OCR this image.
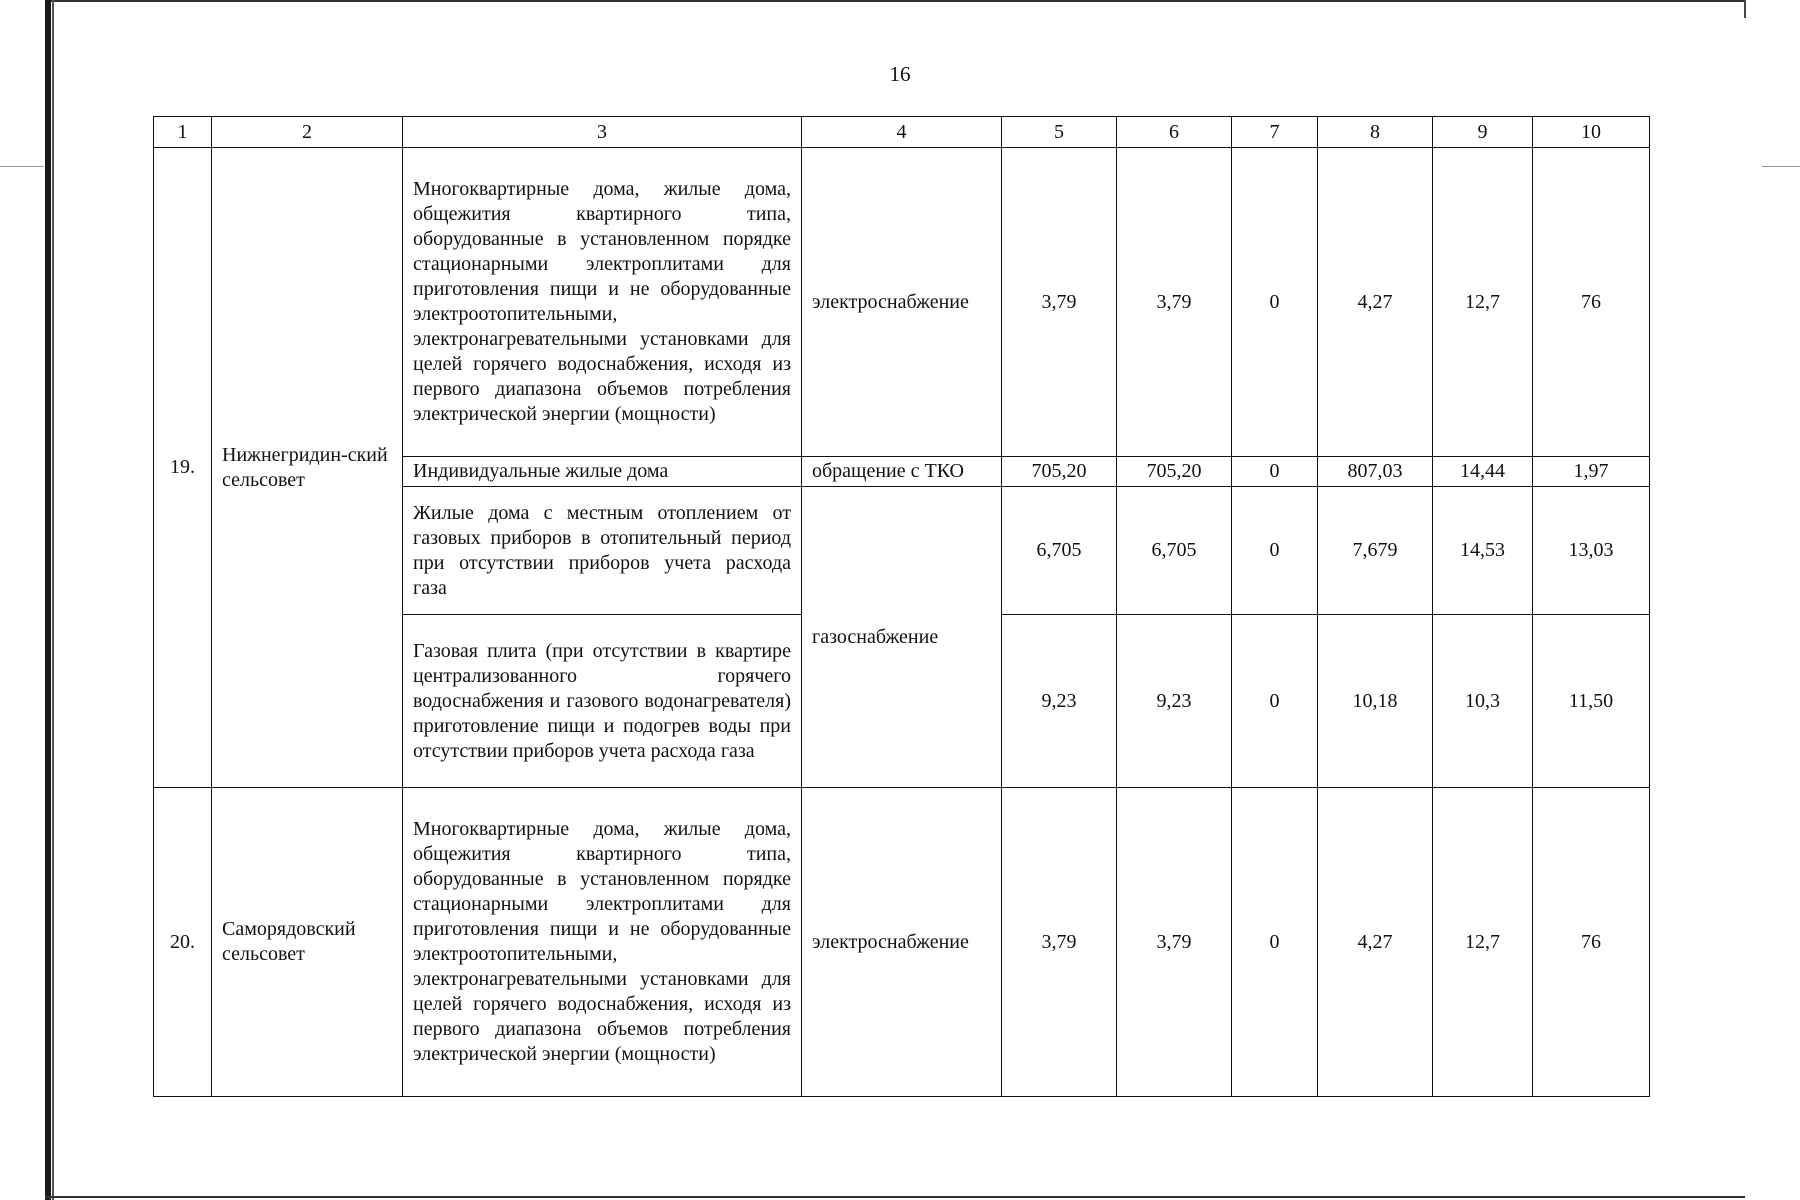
16
1	2	3	4	5	6	7	8	9	10
19.	Нижнегридин-ский сельсовет	Многоквартирные дома, жилые дома, общежития квартирного типа, оборудованные в установленном порядке стационарными электроплитами для приготовления пищи и не оборудованные электроотопительными, электронагревательными установками для целей горячего водоснабжения, исходя из первого диапазона объемов потребления электрической энергии (мощности)	электроснабжение	3,79	3,79	0	4,27	12,7	76
		Индивидуальные жилые дома	обращение с ТКО	705,20	705,20	0	807,03	14,44	1,97
		Жилые дома с местным отоплением от газовых приборов в отопительный период при отсутствии приборов учета расхода газа	газоснабжение	6,705	6,705	0	7,679	14,53	13,03
		Газовая плита (при отсутствии в квартире централизованного горячего водоснабжения и газового водонагревателя) приготовление пищи и подогрев воды при отсутствии приборов учета расхода газа		9,23	9,23	0	10,18	10,3	11,50
20.	Саморядовский сельсовет	Многоквартирные дома, жилые дома, общежития квартирного типа, оборудованные в установленном порядке стационарными электроплитами для приготовления пищи и не оборудованные электроотопительными, электронагревательными установками для целей горячего водоснабжения, исходя из первого диапазона объемов потребления электрической энергии (мощности)	электроснабжение	3,79	3,79	0	4,27	12,7	76
